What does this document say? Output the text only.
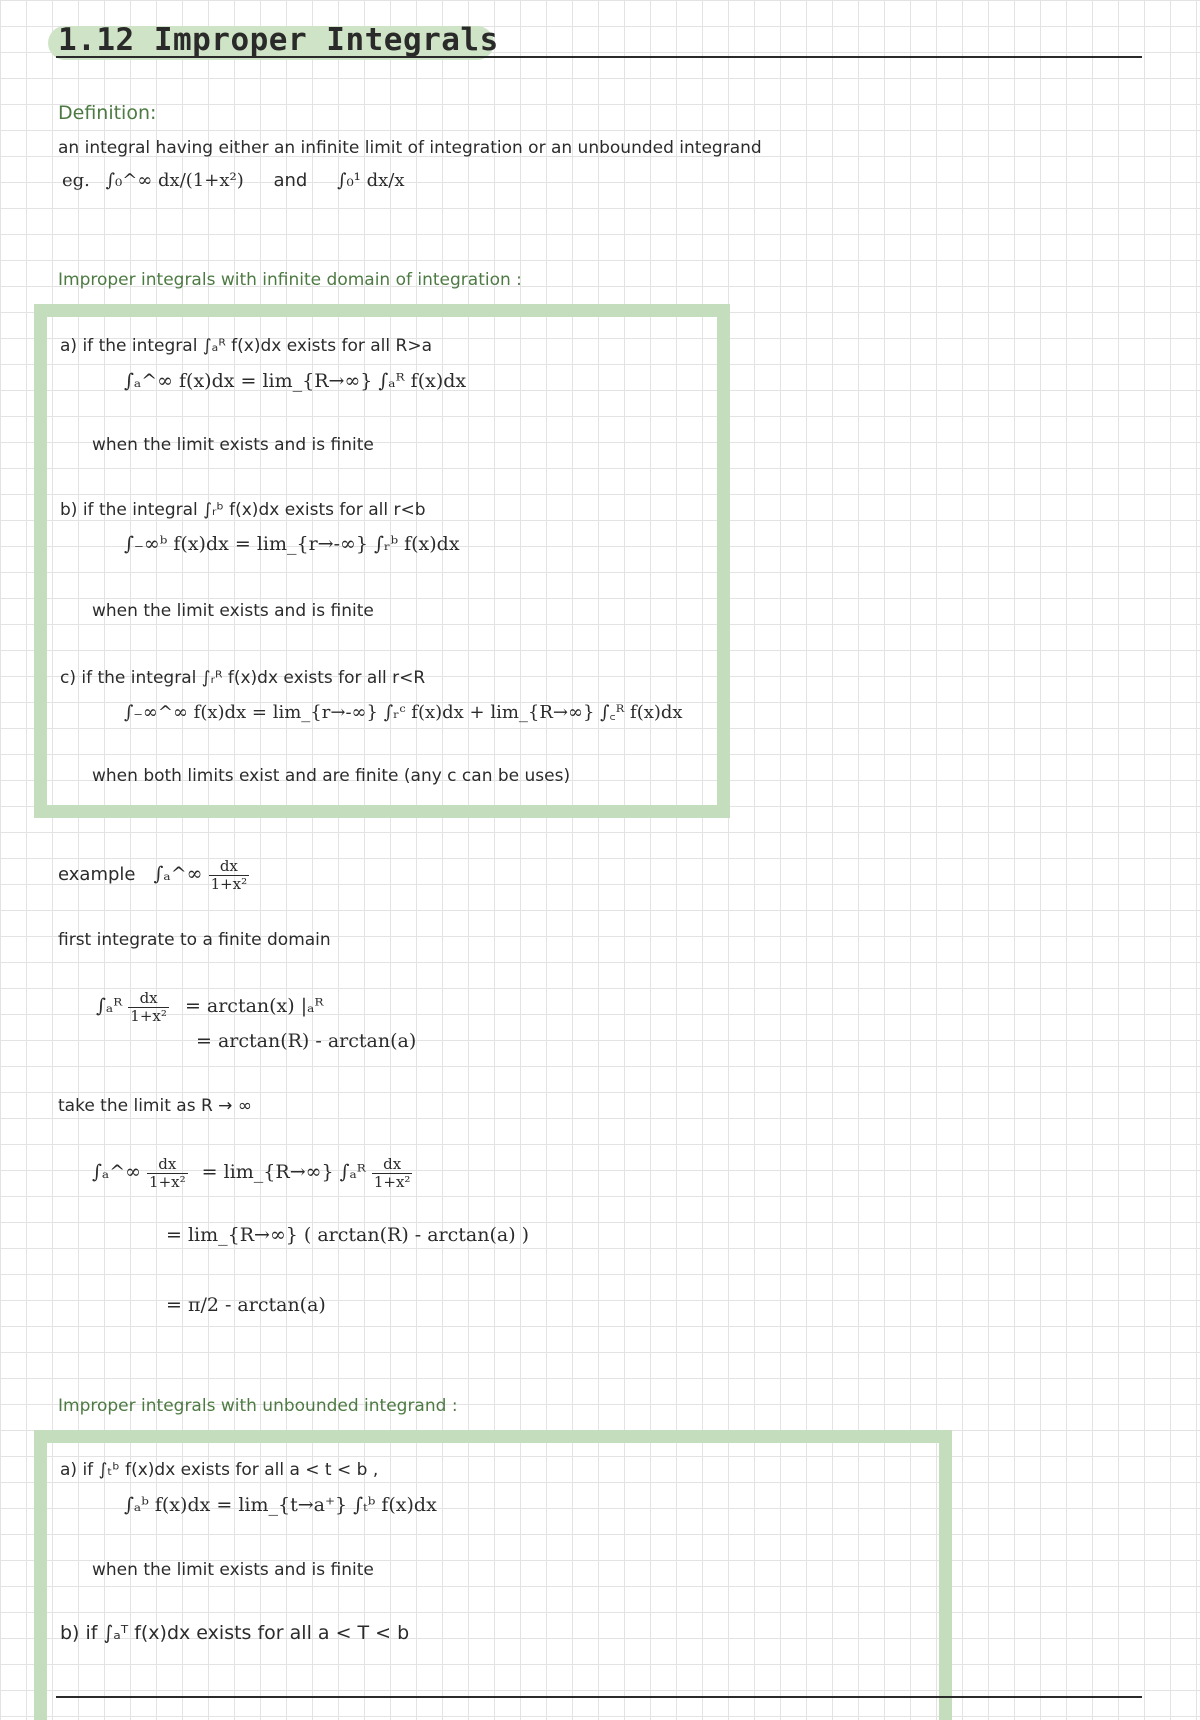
1.12 Improper Integrals
Definition:
an integral having either an infinite limit of integration or an unbounded integrand
eg. ∫₀^∞ dx/(1+x²) and ∫₀¹ dx/x
Improper integrals with infinite domain of integration :
a) if the integral ∫ₐᴿ f(x)dx exists for all R>a
∫ₐ^∞ f(x)dx = lim_{R→∞} ∫ₐᴿ f(x)dx
when the limit exists and is finite
b) if the integral ∫ᵣᵇ f(x)dx exists for all r<b
∫₋∞ᵇ f(x)dx = lim_{r→-∞} ∫ᵣᵇ f(x)dx
when the limit exists and is finite
c) if the integral ∫ᵣᴿ f(x)dx exists for all r<R
∫₋∞^∞ f(x)dx = lim_{r→-∞} ∫ᵣᶜ f(x)dx + lim_{R→∞} ∫꜀ᴿ f(x)dx
when both limits exist and are finite (any c can be uses)
example ∫ₐ^∞ $\frac{dx}{\text{1+x²}}$
first integrate to a finite domain
∫ₐᴿ $\frac{dx}{\text{1+x²}} = \arctan(x)$ |ₐᴿ
= arctan(R) - arctan(a)
take the limit as R → ∞
∫ₐ^∞ $\frac{dx}{\text{1+x²}}$ = lim_{R→∞} ∫ₐᴿ $\frac{dx}{\text{1+x²}}$
= lim_{R→∞} ( arctan(R) - arctan(a) )
= π/2 - arctan(a)
Improper integrals with unbounded integrand :
a) if ∫ₜᵇ f(x)dx exists for all a < t < b ,
∫ₐᵇ f(x)dx = lim_{t→a⁺} ∫ₜᵇ f(x)dx
when the limit exists and is finite
b) if ∫ₐᵀ f(x)dx exists for all a < T < b
